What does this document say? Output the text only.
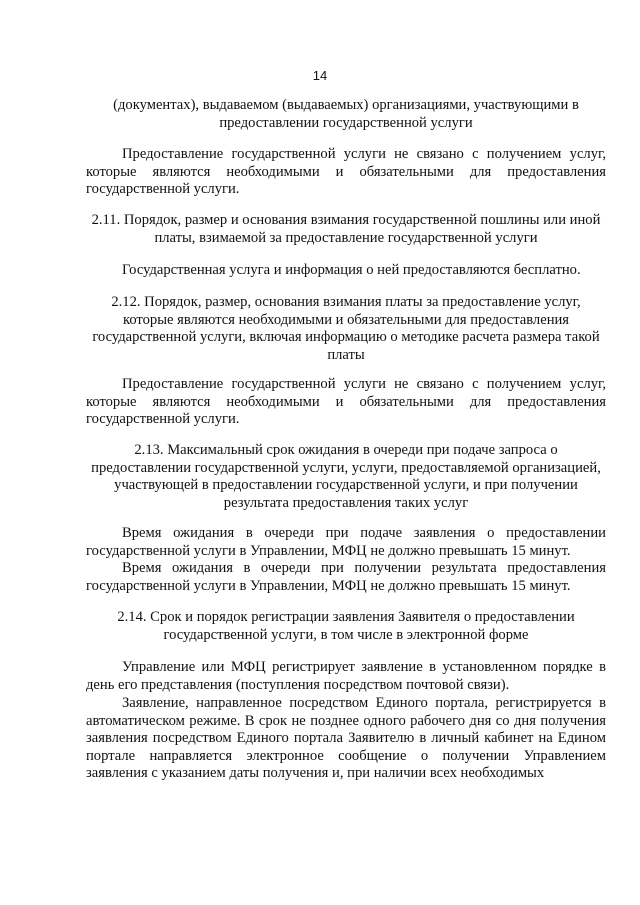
14
(документах), выдаваемом (выдаваемых) организациями, участвующими в предоставлении государственной услуги
Предоставление государственной услуги не связано с получением услуг, которые являются необходимыми и обязательными для предоставления государственной услуги.
2.11. Порядок, размер и основания взимания государственной пошлины или иной платы, взимаемой за предоставление государственной услуги
Государственная услуга и информация о ней предоставляются бесплатно.
2.12. Порядок, размер, основания взимания платы за предоставление услуг, которые являются необходимыми и обязательными для предоставления государственной услуги, включая информацию о методике расчета размера такой платы
Предоставление государственной услуги не связано с получением услуг, которые являются необходимыми и обязательными для предоставления государственной услуги.
2.13. Максимальный срок ожидания в очереди при подаче запроса о предоставлении государственной услуги, услуги, предоставляемой организацией, участвующей в предоставлении государственной услуги, и при получении результата предоставления таких услуг
Время ожидания в очереди при подаче заявления о предоставлении государственной услуги в Управлении, МФЦ не должно превышать 15 минут.
Время ожидания в очереди при получении результата предоставления государственной услуги в Управлении, МФЦ не должно превышать 15 минут.
2.14. Срок и порядок регистрации заявления Заявителя о предоставлении государственной услуги, в том числе в электронной форме
Управление или МФЦ регистрирует заявление в установленном порядке в день его представления (поступления посредством почтовой связи).
Заявление, направленное посредством Единого портала, регистрируется в автоматическом режиме. В срок не позднее одного рабочего дня со дня получения заявления посредством Единого портала Заявителю в личный кабинет на Едином портале направляется электронное сообщение о получении Управлением заявления с указанием даты получения и, при наличии всех необходимых
